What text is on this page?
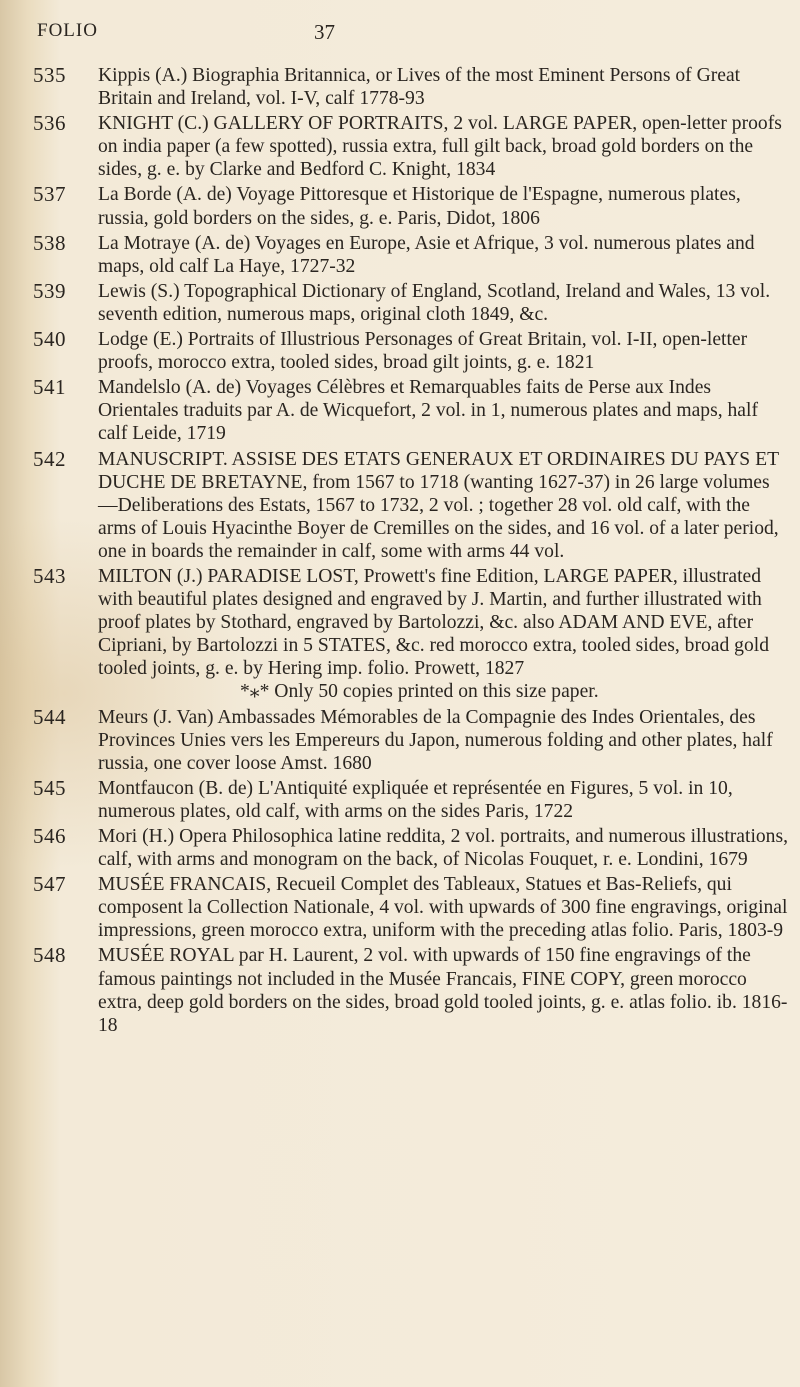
FOLIO	37
535 Kippis (A.) Biographia Britannica, or Lives of the most Eminent Persons of Great Britain and Ireland, vol. I-V, calf 1778-93
536 KNIGHT (C.) GALLERY OF PORTRAITS, 2 vol. LARGE PAPER, open-letter proofs on india paper (a few spotted), russia extra, full gilt back, broad gold borders on the sides, g. e. by Clarke and Bedford C. Knight, 1834
537 La Borde (A. de) Voyage Pittoresque et Historique de l'Espagne, numerous plates, russia, gold borders on the sides, g. e. Paris, Didot, 1806
538 La Motraye (A. de) Voyages en Europe, Asie et Afrique, 3 vol. numerous plates and maps, old calf La Haye, 1727-32
539 Lewis (S.) Topographical Dictionary of England, Scotland, Ireland and Wales, 13 vol. seventh edition, numerous maps, original cloth 1849, &c.
540 Lodge (E.) Portraits of Illustrious Personages of Great Britain, vol. I-II, open-letter proofs, morocco extra, tooled sides, broad gilt joints, g. e. 1821
541 Mandelslo (A. de) Voyages Célèbres et Remarquables faits de Perse aux Indes Orientales traduits par A. de Wicquefort, 2 vol. in 1, numerous plates and maps, half calf Leide, 1719
542 MANUSCRIPT. ASSISE DES ETATS GENERAUX ET ORDINAIRES DU PAYS ET DUCHE DE BRETAYNE, from 1567 to 1718 (wanting 1627-37) in 26 large volumes—Deliberations des Estats, 1567 to 1732, 2 vol. ; together 28 vol. old calf, with the arms of Louis Hyacinthe Boyer de Cremilles on the sides, and 16 vol. of a later period, one in boards the remainder in calf, some with arms 44 vol.
543 MILTON (J.) PARADISE LOST, Prowett's fine Edition, LARGE PAPER, illustrated with beautiful plates designed and engraved by J. Martin, and further illustrated with proof plates by Stothard, engraved by Bartolozzi, &c. also ADAM AND EVE, after Cipriani, by Bartolozzi in 5 STATES, &c. red morocco extra, tooled sides, broad gold tooled joints, g. e. by Hering imp. folio. Prowett, 1827
*⁎* Only 50 copies printed on this size paper.
544 Meurs (J. Van) Ambassades Mémorables de la Compagnie des Indes Orientales, des Provinces Unies vers les Empereurs du Japon, numerous folding and other plates, half russia, one cover loose Amst. 1680
545 Montfaucon (B. de) L'Antiquité expliquée et représentée en Figures, 5 vol. in 10, numerous plates, old calf, with arms on the sides Paris, 1722
546 Mori (H.) Opera Philosophica latine reddita, 2 vol. portraits, and numerous illustrations, calf, with arms and monogram on the back, of Nicolas Fouquet, r. e. Londini, 1679
547 MUSÉE FRANCAIS, Recueil Complet des Tableaux, Statues et Bas-Reliefs, qui composent la Collection Nationale, 4 vol. with upwards of 300 fine engravings, original impressions, green morocco extra, uniform with the preceding atlas folio. Paris, 1803-9
548 MUSÉE ROYAL par H. Laurent, 2 vol. with upwards of 150 fine engravings of the famous paintings not included in the Musée Francais, FINE COPY, green morocco extra, deep gold borders on the sides, broad gold tooled joints, g. e. atlas folio. ib. 1816-18
